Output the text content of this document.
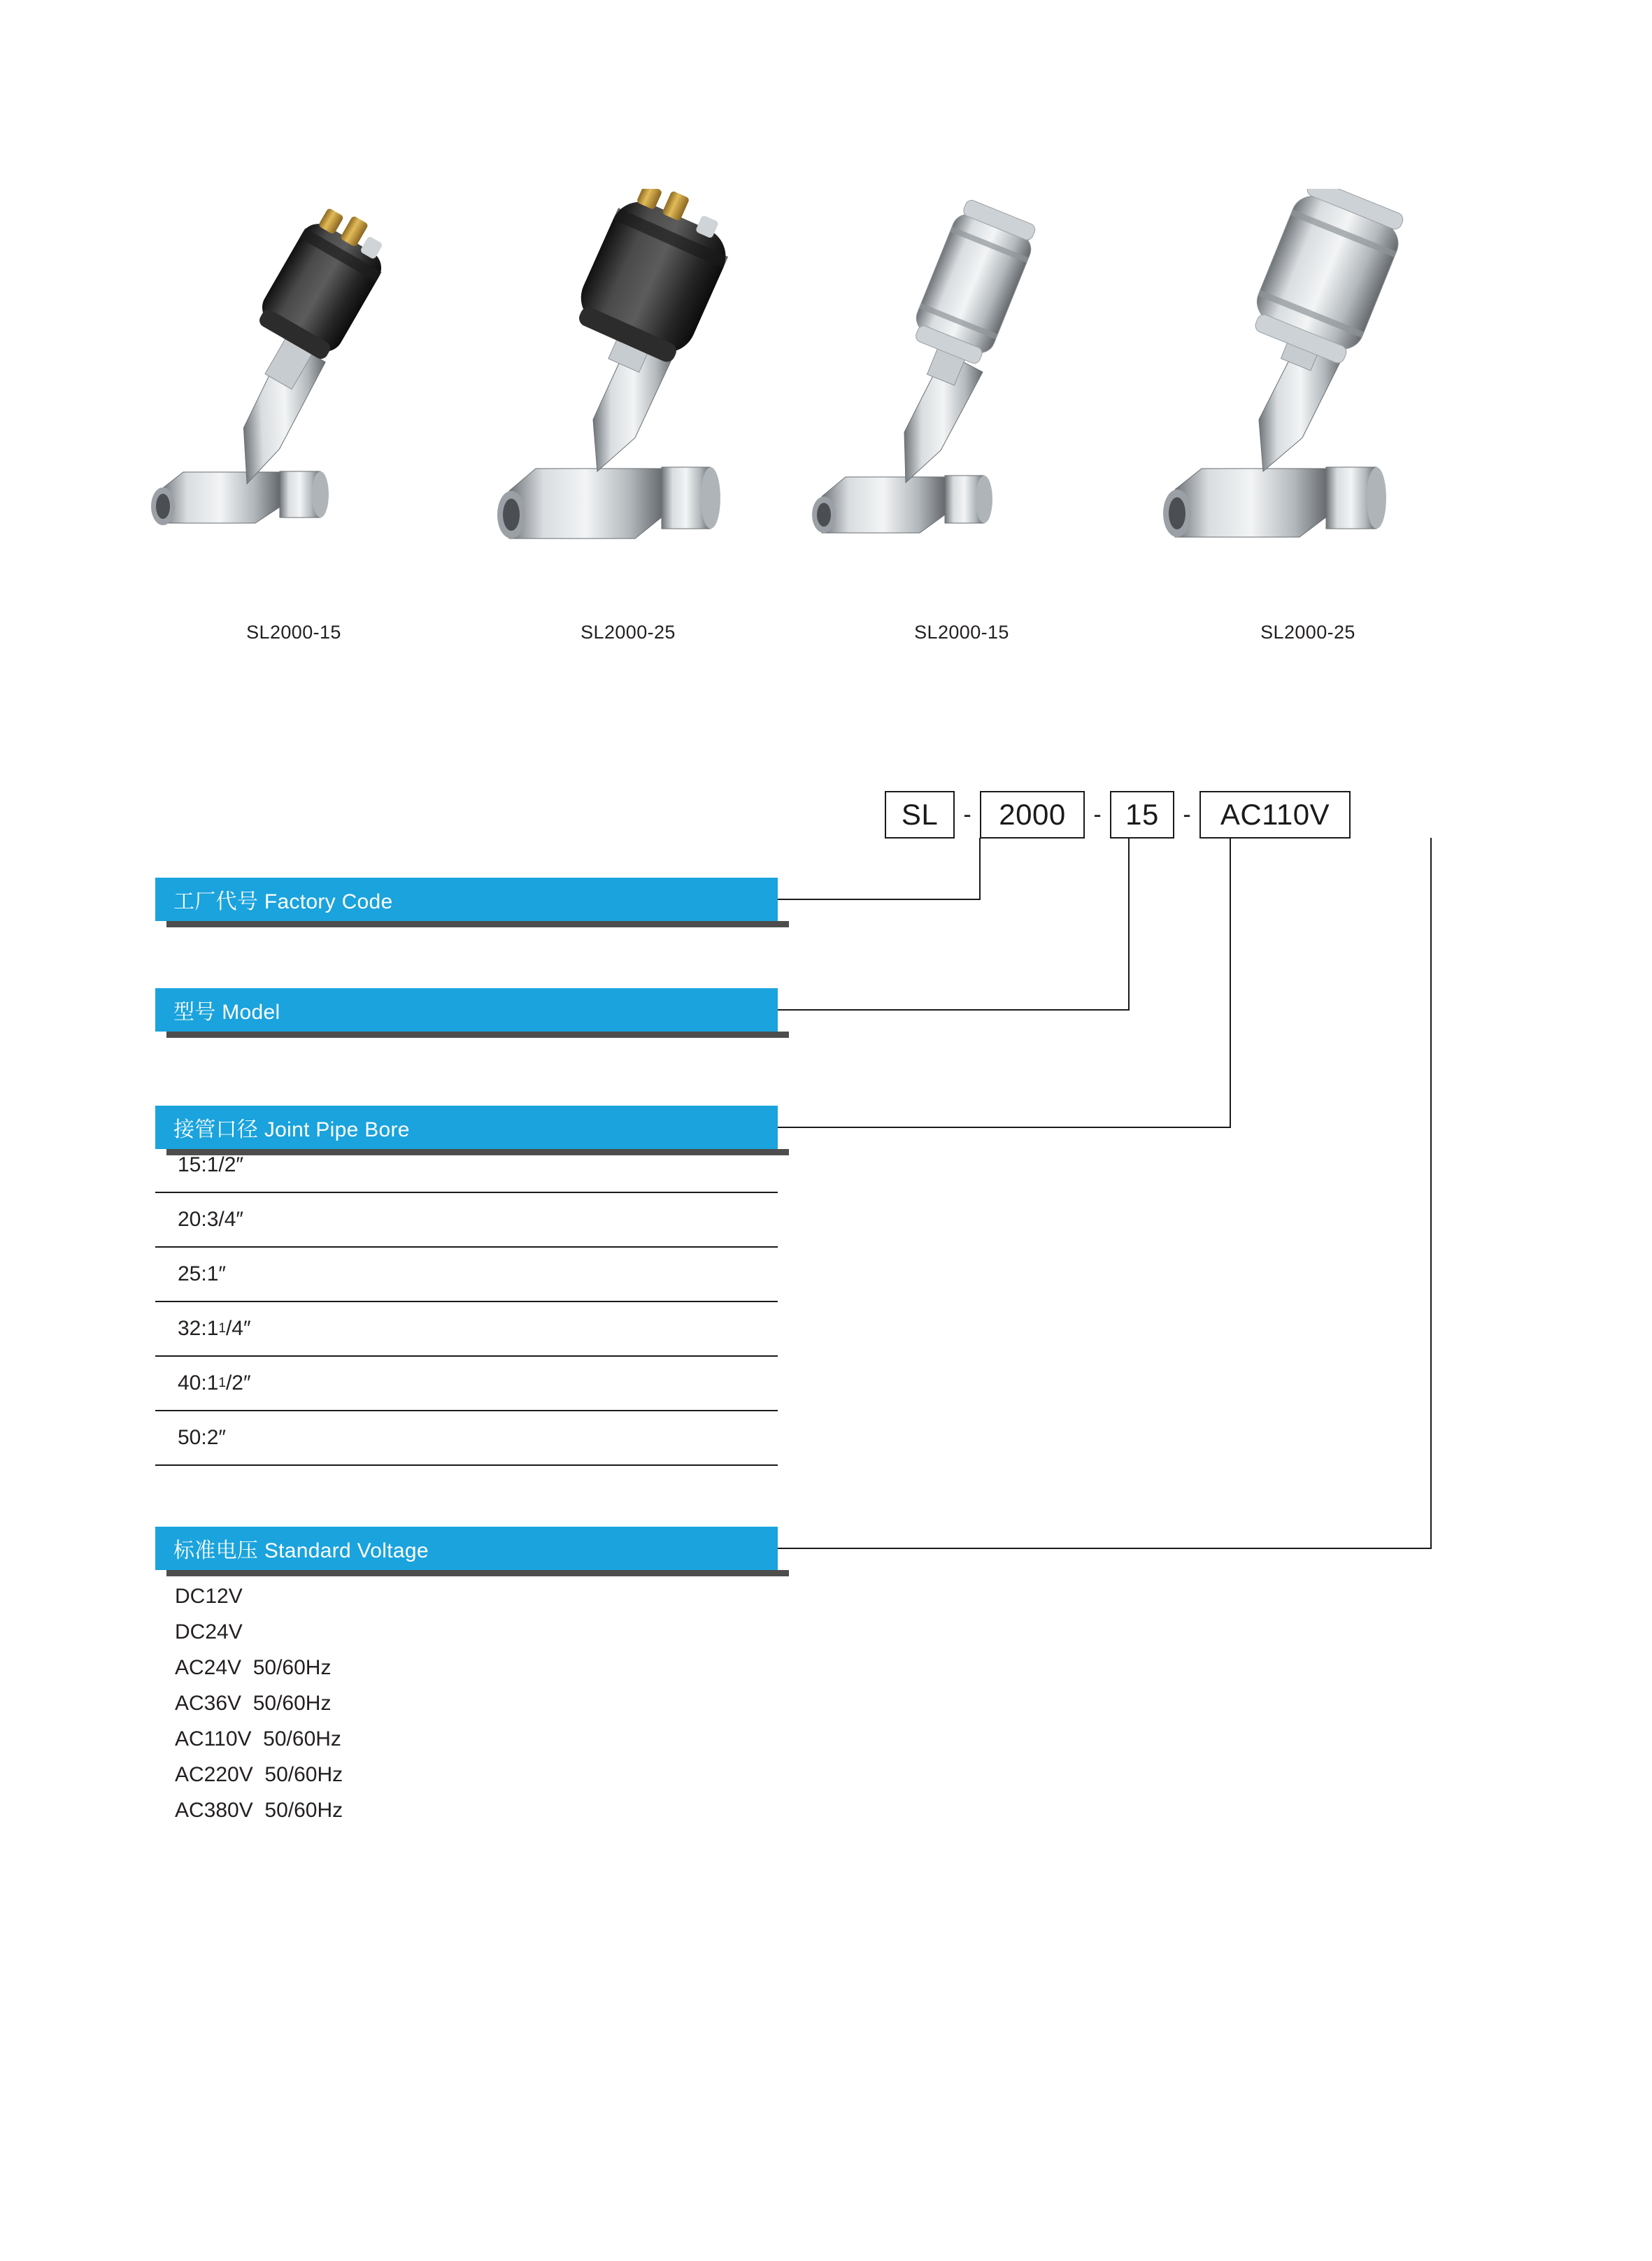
SL2000-15	SL2000-25	SL2000-15	SL2000-25
SL	- 2000	- 15	-	AC110V
工厂代号 Factory Code
型号 Model
接管口径 Joint Pipe Bore
标准电压 Standard Voltage
15:1/2″
20:3/4″
25:1″
32:1 1 /4″
40:1 1 /2″
50:2″
DC12V
DC24V
AC24V  50/60Hz
AC36V  50/60Hz
AC110V  50/60Hz
AC220V  50/60Hz
AC380V  50/60Hz
